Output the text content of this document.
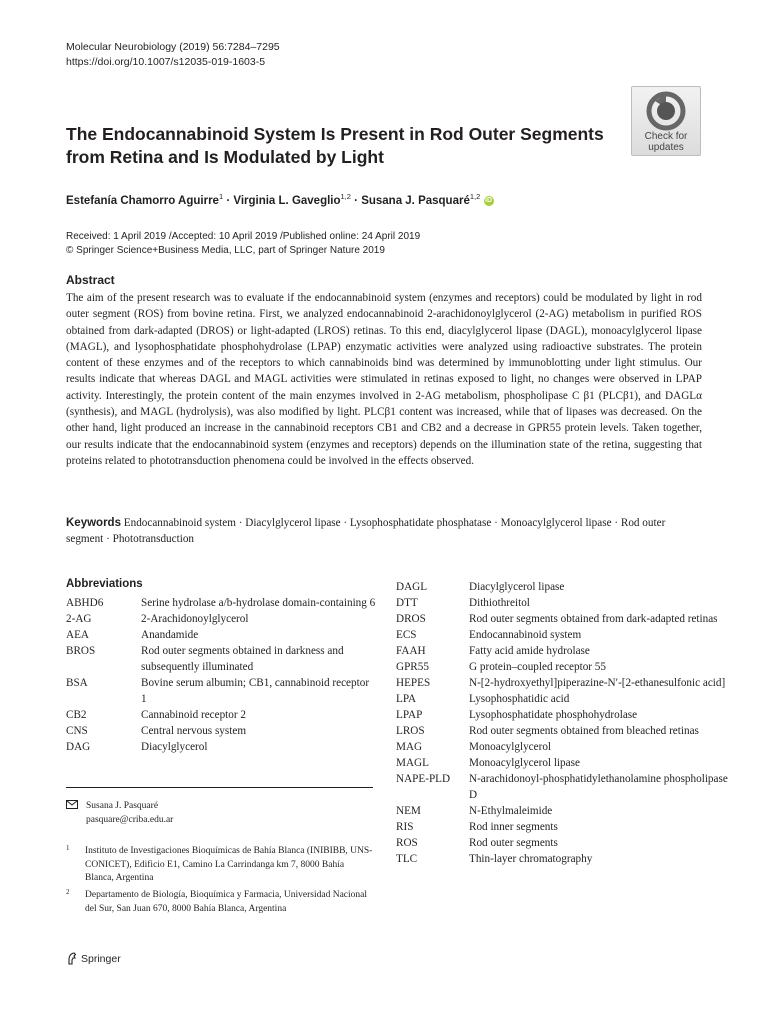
Molecular Neurobiology (2019) 56:7284–7295
https://doi.org/10.1007/s12035-019-1603-5
The Endocannabinoid System Is Present in Rod Outer Segments from Retina and Is Modulated by Light
Check for
updates
Estefanía Chamorro Aguirre$^1$ · Virginia L. Gaveglio$^{1,2}$ · Susana J. Pasquaré$^{1,2}$ iD
Received: 1 April 2019 /Accepted: 10 April 2019 /Published online: 24 April 2019
© Springer Science+Business Media, LLC, part of Springer Nature 2019
Abstract

The aim of the present research was to evaluate if the endocannabinoid system (enzymes and receptors) could be modulated by light in rod outer segment (ROS) from bovine retina. First, we analyzed endocannabinoid 2-arachidonoylglycerol (2-AG) metabolism in purified ROS obtained from dark-adapted (DROS) or light-adapted (LROS) retinas. To this end, diacylglycerol lipase (DAGL), monoacylglycerol lipase (MAGL), and lysophosphatidate phosphohydrolase (LPAP) enzymatic activities were analyzed using radioactive substrates. The protein content of these enzymes and of the receptors to which cannabinoids bind was determined by immunoblotting under light stimulus. Our results indicate that whereas DAGL and MAGL activities were stimulated in retinas exposed to light, no changes were observed in LPAP activity. Interestingly, the protein content of the main enzymes involved in 2-AG metabolism, phospholipase C β1 (PLCβ1), and DAGLα (synthesis), and MAGL (hydrolysis), was also modified by light. PLCβ1 content was increased, while that of lipases was decreased. On the other hand, light produced an increase in the cannabinoid receptors CB1 and CB2 and a decrease in GPR55 protein levels. Taken together, our results indicate that the endocannabinoid system (enzymes and receptors) depends on the illumination state of the retina, suggesting that proteins related to phototransduction phenomena could be involved in the effects observed.

Keywords Endocannabinoid system · Diacylglycerol lipase · Lysophosphatidate phosphatase · Monoacylglycerol lipase · Rod outer segment · Phototransduction

Abbreviations
ABHD6	Serine hydrolase a/b-hydrolase domain-containing 6
2-AG	2-Arachidonoylglycerol
AEA	Anandamide
BROS	Rod outer segments obtained in darkness and subsequently illuminated
BSA	Bovine serum albumin; CB1, cannabinoid receptor 1
CB2	Cannabinoid receptor 2
CNS	Central nervous system
DAG	Diacylglycerol
DAGL	Diacylglycerol lipase
DTT	Dithiothreitol
DROS	Rod outer segments obtained from dark-adapted retinas
ECS	Endocannabinoid system
FAAH	Fatty acid amide hydrolase
GPR55	G protein–coupled receptor 55
HEPES	N-[2-hydroxyethyl]piperazine-N′-[2-ethanesulfonic acid]
LPA	Lysophosphatidic acid
LPAP	Lysophosphatidate phosphohydrolase
LROS	Rod outer segments obtained from bleached retinas
MAG	Monoacylglycerol
MAGL	Monoacylglycerol lipase
NAPE-PLD	N-arachidonoyl-phosphatidylethanolamine phospholipase D
NEM	N-Ethylmaleimide
RIS	Rod inner segments
ROS	Rod outer segments
TLC	Thin-layer chromatography
Susana J. Pasquaré
pasquare@criba.edu.ar
1 Instituto de Investigaciones Bioquímicas de Bahía Blanca (INIBIBB, UNS-CONICET), Edificio E1, Camino La Carrindanga km 7, 8000 Bahía Blanca, Argentina
2 Departamento de Biología, Bioquímica y Farmacia, Universidad Nacional del Sur, San Juan 670, 8000 Bahía Blanca, Argentina
Springer
